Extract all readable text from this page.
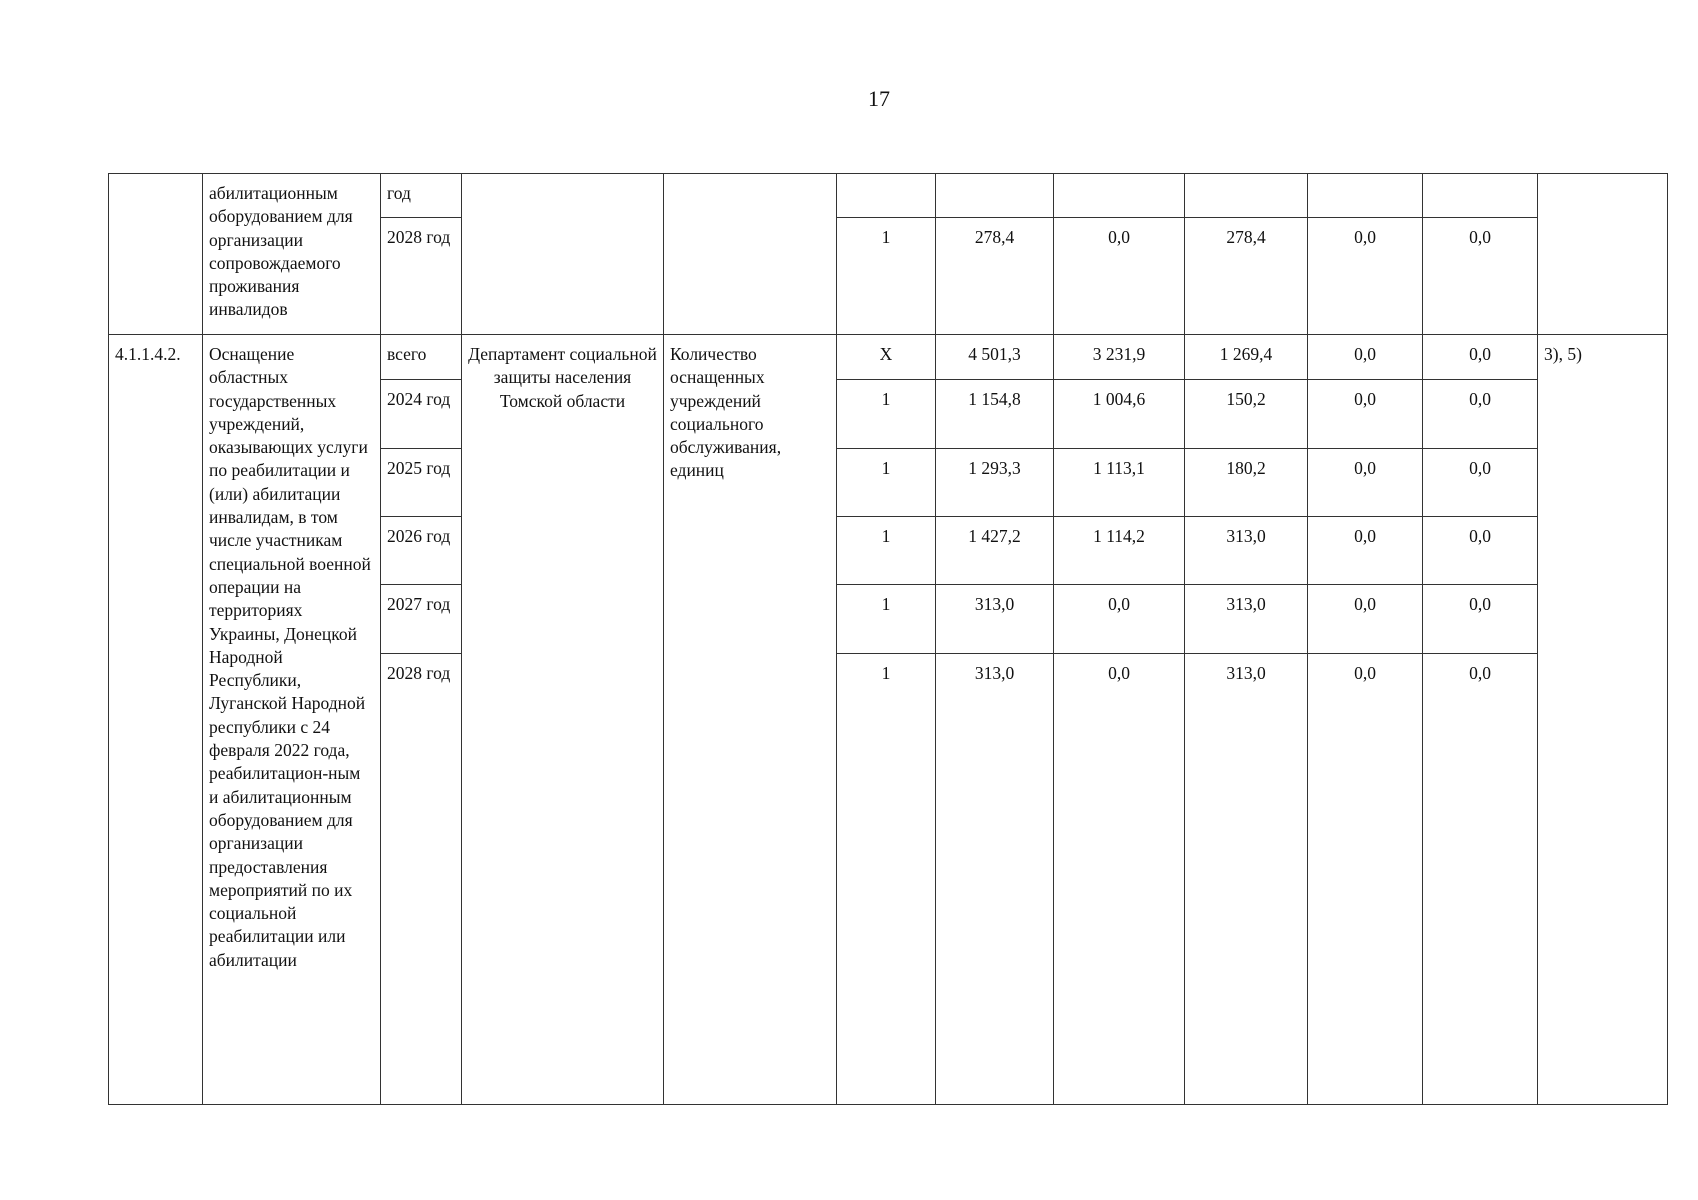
17
	абилитационным оборудованием для организации сопровождаемого проживания инвалидов	год									
		2028 год			1	278,4	0,0	278,4	0,0	0,0	
4.1.1.4.2.	Оснащение областных государственных учреждений, оказывающих услуги по реабилитации и (или) абилитации инвалидам, в том числе участникам специальной военной операции на территориях Украины, Донецкой Народной Республики, Луганской Народной республики с 24 февраля 2022 года, реабилитацион-ным и абилитационным оборудованием для организации предоставления мероприятий по их социальной реабилитации или абилитации	всего	Департамент социальной защиты населения Томской области	Количество оснащенных учреждений социального обслуживания, единиц	Х	4 501,3	3 231,9	1 269,4	0,0	0,0	3), 5)
		2024 год			1	1 154,8	1 004,6	150,2	0,0	0,0	
		2025 год			1	1 293,3	1 113,1	180,2	0,0	0,0	
		2026 год			1	1 427,2	1 114,2	313,0	0,0	0,0	
		2027 год			1	313,0	0,0	313,0	0,0	0,0	
		2028 год			1	313,0	0,0	313,0	0,0	0,0	
